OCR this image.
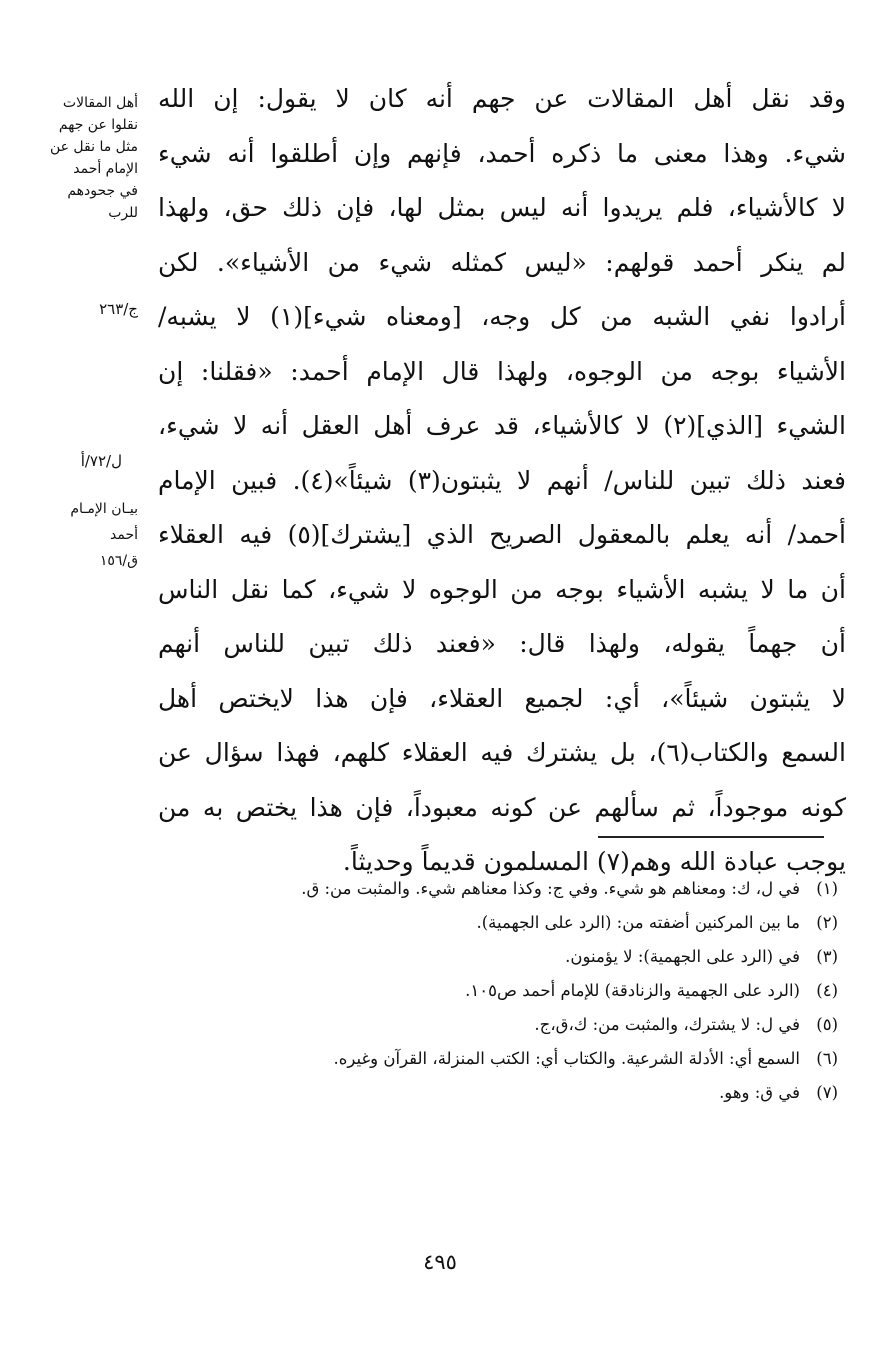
وقد نقل أهل المقالات عن جهم أنه كان لا يقول: إن الله
شيء. وهذا معنى ما ذكره أحمد، فإنهم وإن أطلقوا أنه شيء
لا كالأشياء، فلم يريدوا أنه ليس بمثل لها، فإن ذلك حق، ولهذا
لم ينكر أحمد قولهم: «ليس كمثله شيء من الأشياء». لكن
أرادوا نفي الشبه من كل وجه، [ومعناه شيء](١) لا يشبه/
الأشياء بوجه من الوجوه، ولهذا قال الإمام أحمد: «فقلنا: إن
الشيء [الذي](٢) لا كالأشياء، قد عرف أهل العقل أنه لا شيء،
فعند ذلك تبين للناس/ أنهم لا يثبتون(٣) شيئاً»(٤). فبين الإمام
أحمد/ أنه يعلم بالمعقول الصريح الذي [يشترك](٥) فيه العقلاء
أن ما لا يشبه الأشياء بوجه من الوجوه لا شيء، كما نقل الناس
أن جهماً يقوله، ولهذا قال: «فعند ذلك تبين للناس أنهم
لا يثبتون شيئاً»، أي: لجميع العقلاء، فإن هذا لايختص أهل
السمع والكتاب(٦)، بل يشترك فيه العقلاء كلهم، فهذا سؤال عن
كونه موجوداً، ثم سألهم عن كونه معبوداً، فإن هذا يختص به من
يوجب عبادة الله وهم(٧) المسلمون قديماً وحديثاً.
أهل المقالات
نقلوا عن جهم
مثل ما نقل عن
الإمام أحمد
في جحودهم
للرب
ج/٢٦٣
ل/٧٢/أ
بيـان الإمـام
أحمد
ق/١٥٦
(١)
في ل، ك: ومعناهم هو شيء. وفي ج: وكذا معناهم شيء. والمثبت من: ق.
(٢)
ما بين المركنين أضفته من: (الرد على الجهمية).
(٣)
في (الرد على الجهمية): لا يؤمنون.
(٤)
(الرد على الجهمية والزنادقة) للإمام أحمد ص١٠٥.
(٥)
في ل: لا يشترك، والمثبت من: ك،ق،ج.
(٦)
السمع أي: الأدلة الشرعية. والكتاب أي: الكتب المنزلة، القرآن وغيره.
(٧)
في ق: وهو.
٤٩٥
